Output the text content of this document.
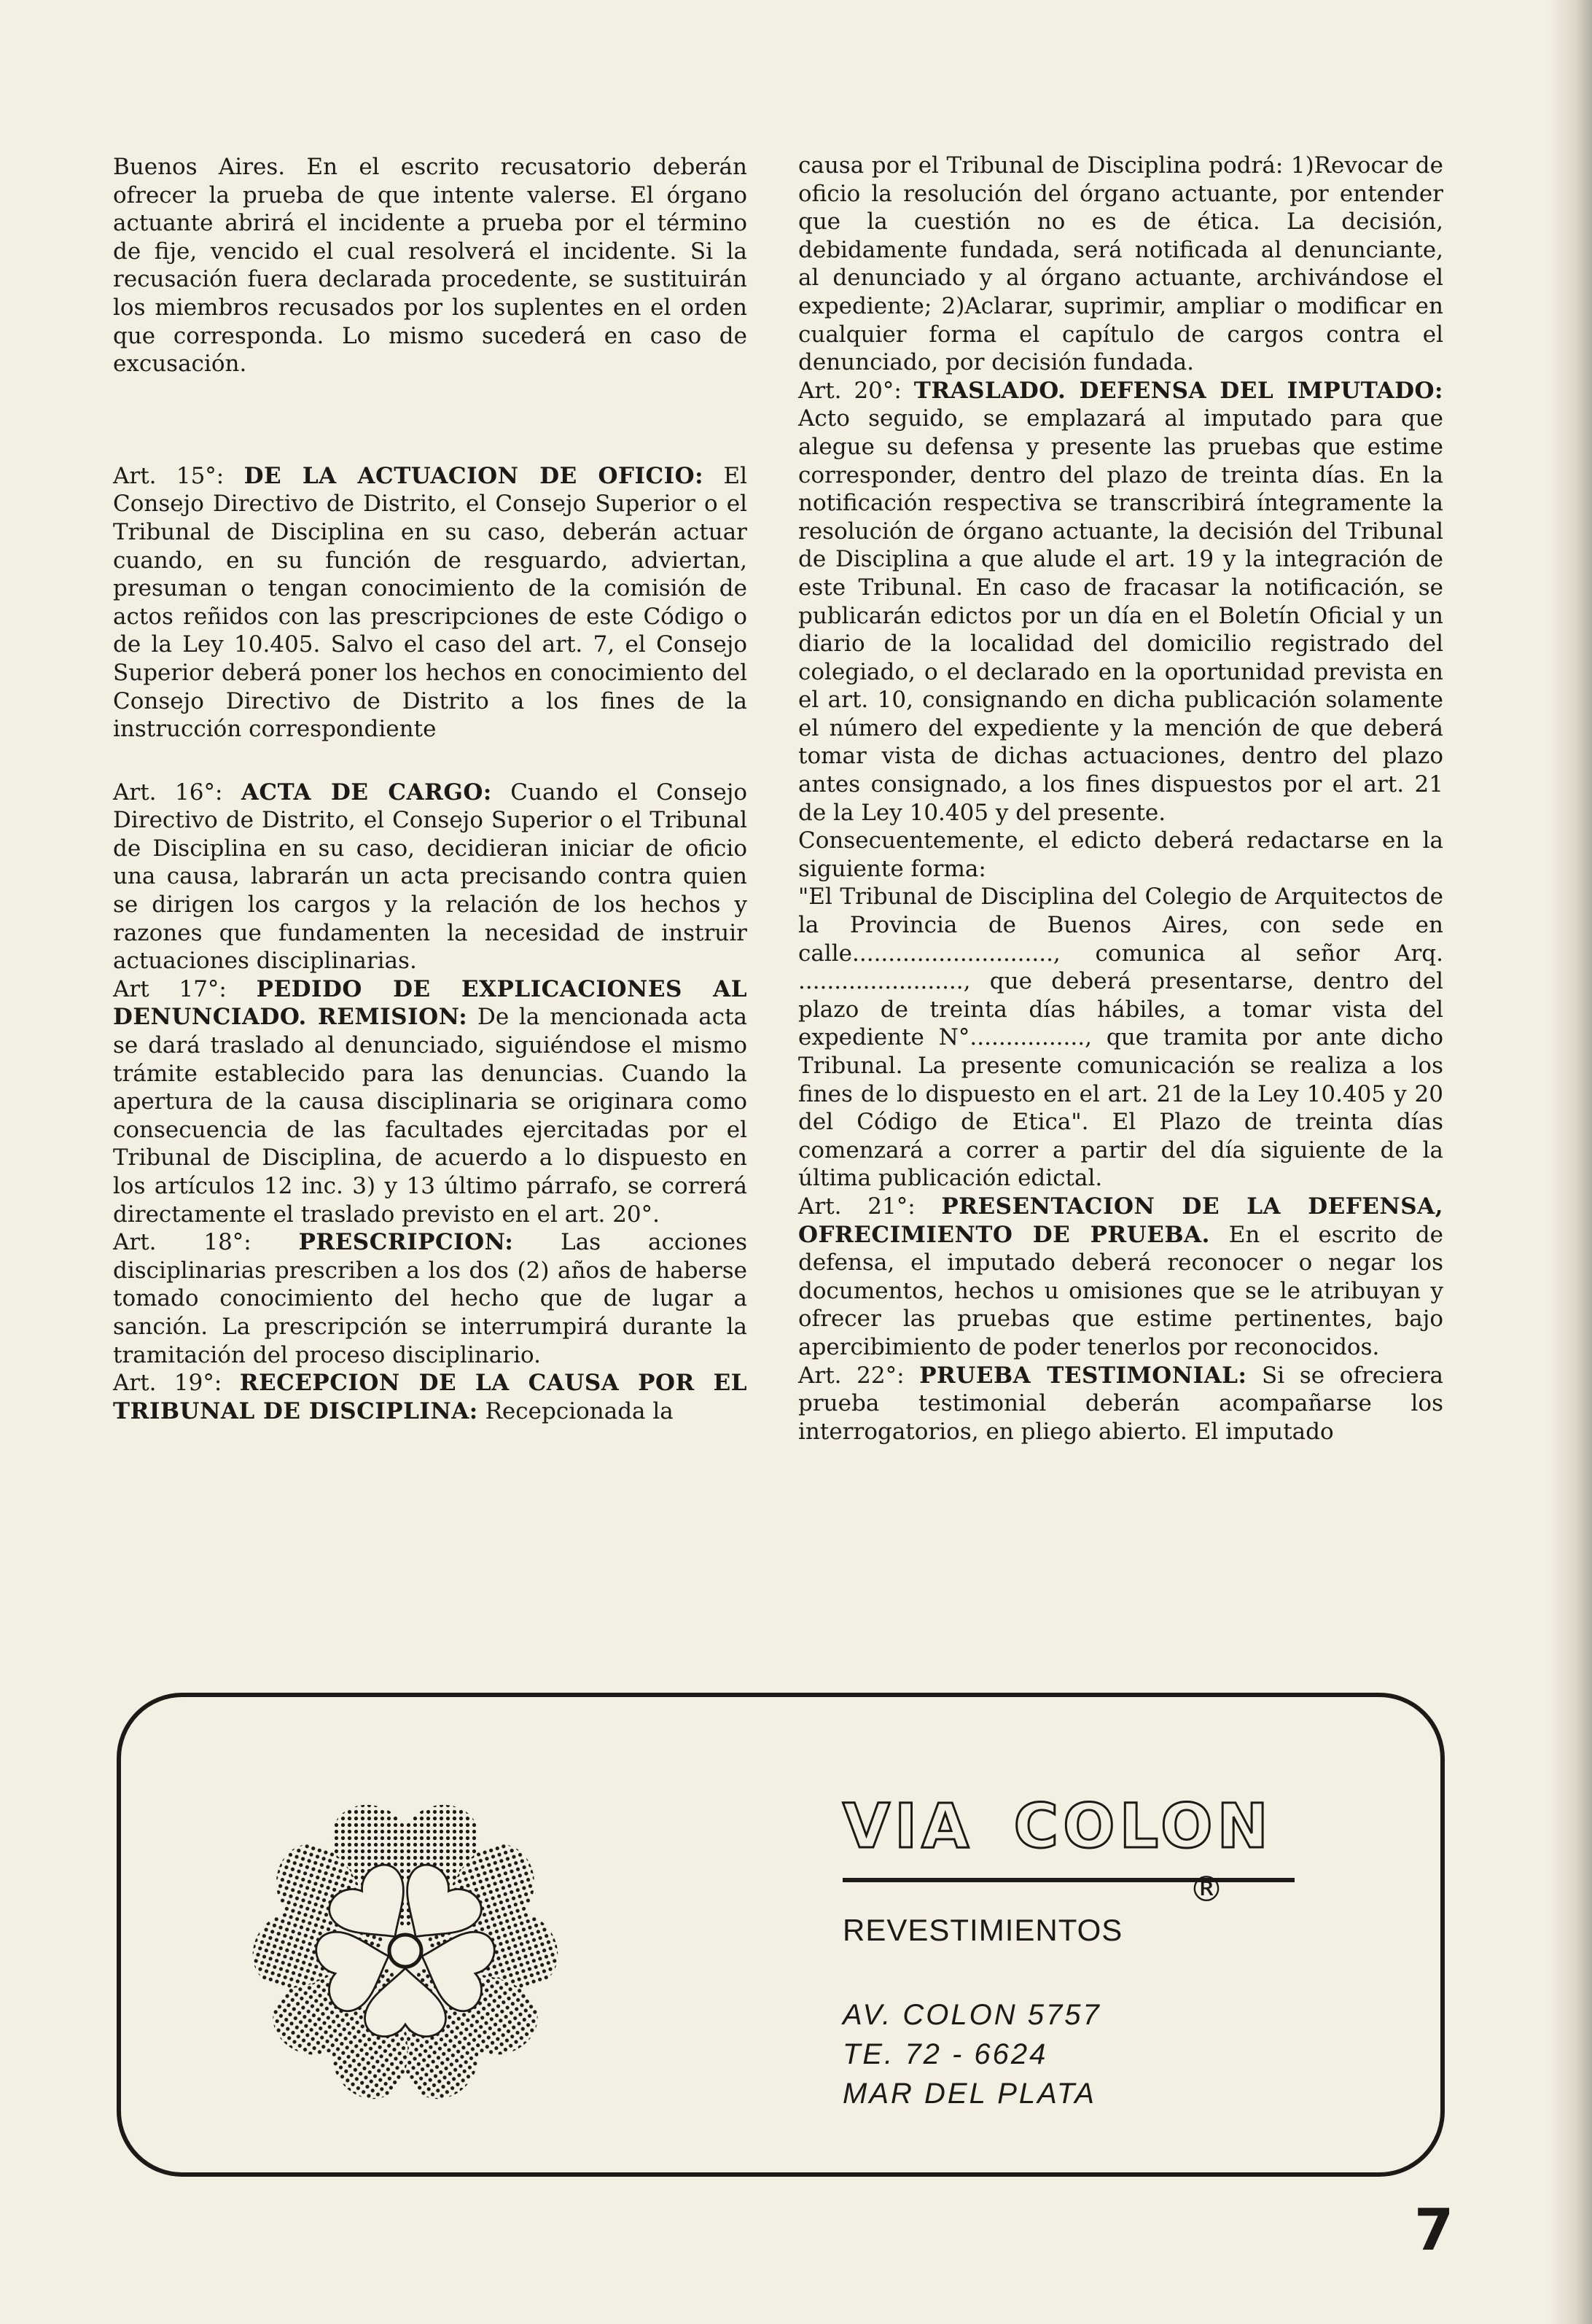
Buenos Aires. En el escrito recusatorio deberán ofrecer la prueba de que intente valerse. El órgano actuante abrirá el incidente a prueba por el término de fije, vencido el cual resolverá el incidente. Si la recusación fuera declarada procedente, se sustituirán los miembros recusados por los suplentes en el orden que corresponda. Lo mismo sucederá en caso de excusación.

Art. 15°: DE LA ACTUACION DE OFICIO: El Consejo Directivo de Distrito, el Consejo Superior o el Tribunal de Disciplina en su caso, deberán actuar cuando, en su función de resguardo, adviertan, presuman o tengan conocimiento de la comisión de actos reñidos con las prescripciones de este Código o de la Ley 10.405. Salvo el caso del art. 7, el Consejo Superior deberá poner los hechos en conocimiento del Consejo Directivo de Distrito a los fines de la instrucción correspondiente

Art. 16°: ACTA DE CARGO: Cuando el Consejo Directivo de Distrito, el Consejo Superior o el Tribunal de Disciplina en su caso, decidieran iniciar de oficio una causa, labrarán un acta precisando contra quien se dirigen los cargos y la relación de los hechos y razones que fundamenten la necesidad de instruir actuaciones disciplinarias.

Art 17°: PEDIDO DE EXPLICACIONES AL DENUNCIADO. REMISION: De la mencionada acta se dará traslado al denunciado, siguiéndose el mismo trámite establecido para las denuncias. Cuando la apertura de la causa disciplinaria se originara como consecuencia de las facultades ejercitadas por el Tribunal de Disciplina, de acuerdo a lo dispuesto en los artículos 12 inc. 3) y 13 último párrafo, se correrá directamente el traslado previsto en el art. 20°.

Art. 18°: PRESCRIPCION: Las acciones disciplinarias prescriben a los dos (2) años de haberse tomado conocimiento del hecho que de lugar a sanción. La prescripción se interrumpirá durante la tramitación del proceso disciplinario.

Art. 19°: RECEPCION DE LA CAUSA POR EL TRIBUNAL DE DISCIPLINA: Recepcionada la

causa por el Tribunal de Disciplina podrá: 1)Revocar de oficio la resolución del órgano actuante, por entender que la cuestión no es de ética. La decisión, debidamente fundada, será notificada al denunciante, al denunciado y al órgano actuante, archivándose el expediente; 2)Aclarar, suprimir, ampliar o modificar en cualquier forma el capítulo de cargos contra el denunciado, por decisión fundada.

Art. 20°: TRASLADO. DEFENSA DEL IMPUTADO: Acto seguido, se emplazará al imputado para que alegue su defensa y presente las pruebas que estime corresponder, dentro del plazo de treinta días. En la notificación respectiva se transcribirá íntegramente la resolución de órgano actuante, la decisión del Tribunal de Disciplina a que alude el art. 19 y la integración de este Tribunal. En caso de fracasar la notificación, se publicarán edictos por un día en el Boletín Oficial y un diario de la localidad del domicilio registrado del colegiado, o el declarado en la oportunidad prevista en el art. 10, consignando en dicha publicación solamente el número del expediente y la mención de que deberá tomar vista de dichas actuaciones, dentro del plazo antes consignado, a los fines dispuestos por el art. 21 de la Ley 10.405 y del presente.

Consecuentemente, el edicto deberá redactarse en la siguiente forma:

"El Tribunal de Disciplina del Colegio de Arquitectos de la Provincia de Buenos Aires, con sede en calle............................, comunica al señor Arq. ......................., que deberá presentarse, dentro del plazo de treinta días hábiles, a tomar vista del expediente N°................, que tramita por ante dicho Tribunal. La presente comunicación se realiza a los fines de lo dispuesto en el art. 21 de la Ley 10.405 y 20 del Código de Etica". El Plazo de treinta días comenzará a correr a partir del día siguiente de la última publicación edictal.

Art. 21°: PRESENTACION DE LA DEFENSA, OFRECIMIENTO DE PRUEBA. En el escrito de defensa, el imputado deberá reconocer o negar los documentos, hechos u omisiones que se le atribuyan y ofrecer las pruebas que estime pertinentes, bajo apercibimiento de poder tenerlos por reconocidos.

Art. 22°: PRUEBA TESTIMONIAL: Si se ofreciera prueba testimonial deberán acompañarse los interrogatorios, en pliego abierto. El imputado

VIA COLON
®
REVESTIMIENTOS
AV. COLON 5757
TE. 72 - 6624
MAR DEL PLATA
7
